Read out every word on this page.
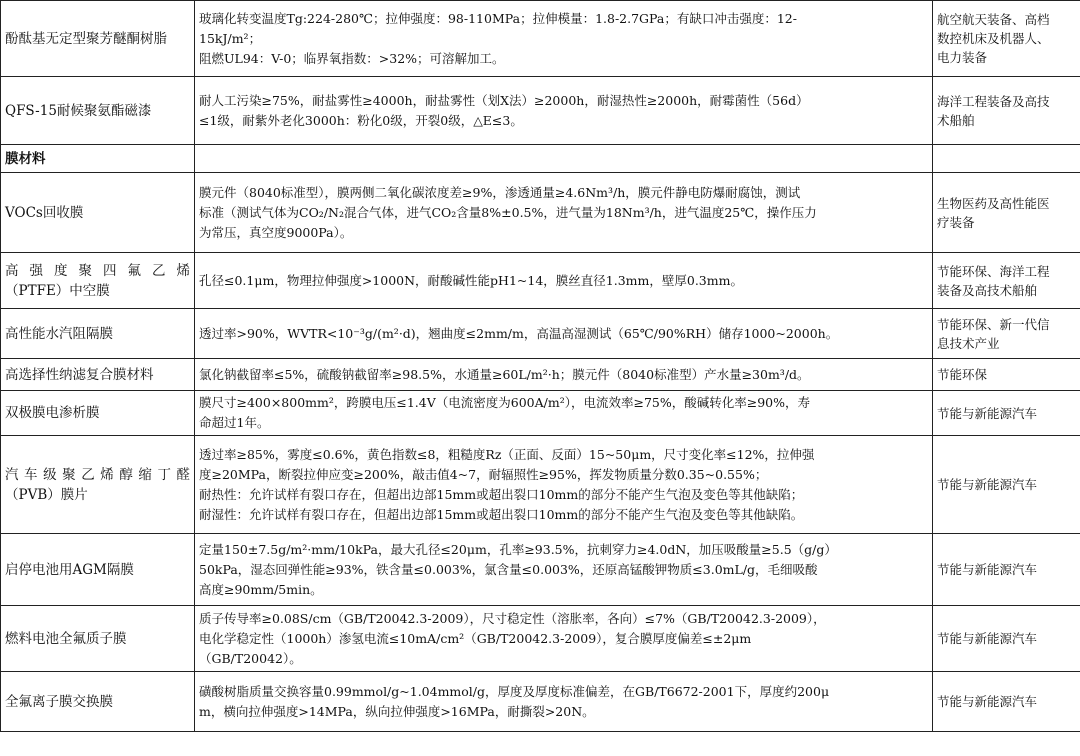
酚酞基无定型聚芳醚酮树脂	玻璃化转变温度Tg:224-280℃；拉伸强度：98-110MPa；拉伸模量：1.8-2.7GPa；有缺口冲击强度：12-
15kJ/m²；
阻燃UL94：V-0；临界氧指数：>32%；可溶解加工。	航空航天装备、高档
数控机床及机器人、
电力装备

QFS-15耐候聚氨酯磁漆	耐人工污染≥75%，耐盐雾性≥4000h，耐盐雾性（划X法）≥2000h，耐湿热性≥2000h，耐霉菌性（56d）
≤1级，耐紫外老化3000h：粉化0级，开裂0级，△E≤3。	海洋工程装备及高技
术船舶

膜材料		
VOCs回收膜	膜元件（8040标准型），膜两侧二氧化碳浓度差≥9%，渗透通量≥4.6Nm³/h，膜元件静电防爆耐腐蚀，测试
标准（测试气体为CO₂/N₂混合气体，进气CO₂含量8%±0.5%，进气量为18Nm³/h，进气温度25℃，操作压力
为常压，真空度9000Pa）。	生物医药及高性能医
疗装备

高强度聚四氟乙烯
（PTFE）中空膜	孔径≤0.1μm，物理拉伸强度>1000N，耐酸碱性能pH1~14，膜丝直径1.3mm，壁厚0.3mm。	节能环保、海洋工程
装备及高技术船舶

高性能水汽阻隔膜	透过率>90%，WVTR<10⁻³g/(m²·d)，翘曲度≤2mm/m，高温高湿测试（65℃/90%RH）储存1000~2000h。	节能环保、新一代信
息技术产业

高选择性纳滤复合膜材料	氯化钠截留率≤5%，硫酸钠截留率≥98.5%，水通量≥60L/m²·h；膜元件（8040标准型）产水量≥30m³/d。	节能环保

双极膜电渗析膜	膜尺寸≥400×800mm²，跨膜电压≤1.4V（电流密度为600A/m²），电流效率≥75%，酸碱转化率≥90%，寿
命超过1年。	节能与新能源汽车

汽车级聚乙烯醇缩丁醛
（PVB）膜片	透过率≥85%，雾度≤0.6%，黄色指数≤8，粗糙度Rz（正面、反面）15~50μm，尺寸变化率≤12%，拉伸强
度≥20MPa，断裂拉伸应变≥200%，敲击值4~7，耐辐照性≥95%，挥发物质量分数0.35~0.55%；
耐热性：允许试样有裂口存在，但超出边部15mm或超出裂口10mm的部分不能产生气泡及变色等其他缺陷；
耐湿性：允许试样有裂口存在，但超出边部15mm或超出裂口10mm的部分不能产生气泡及变色等其他缺陷。	节能与新能源汽车

启停电池用AGM隔膜	定量150±7.5g/m²·mm/10kPa，最大孔径≤20μm，孔率≥93.5%，抗刺穿力≥4.0dN，加压吸酸量≥5.5（g/g）
50kPa，湿态回弹性能≥93%，铁含量≤0.003%，氯含量≤0.003%，还原高锰酸钾物质≤3.0mL/g，毛细吸酸
高度≥90mm/5min。	节能与新能源汽车

燃料电池全氟质子膜	质子传导率≥0.08S/cm（GB/T20042.3-2009），尺寸稳定性（溶胀率，各向）≤7%（GB/T20042.3-2009），
电化学稳定性（1000h）渗氢电流≤10mA/cm²（GB/T20042.3-2009），复合膜厚度偏差≤±2μm
（GB/T20042）。	节能与新能源汽车

全氟离子膜交换膜	磺酸树脂质量交换容量0.99mmol/g~1.04mmol/g，厚度及厚度标准偏差，在GB/T6672-2001下，厚度约200μ
m，横向拉伸强度>14MPa，纵向拉伸强度>16MPa，耐撕裂>20N。	节能与新能源汽车
